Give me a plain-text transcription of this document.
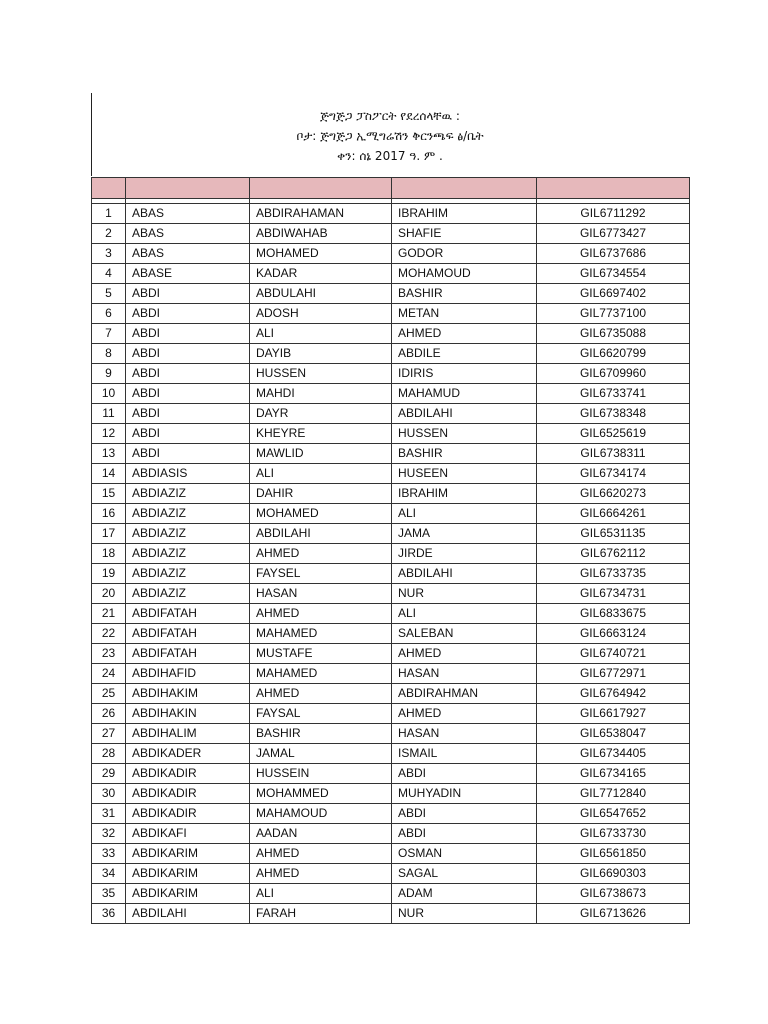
ጅግጅጋ ፓስፖርት የደረሰላቸዉ :
ቦታ: ጅግጅጋ ኢሚግሬሽን ቅርንጫፍ ፅ/ቤት
ቀን: ሰኔ 2017 ዓ. ም .

1	ABAS	ABDIRAHAMAN	IBRAHIM	GIL6711292
2	ABAS	ABDIWAHAB	SHAFIE	GIL6773427
3	ABAS	MOHAMED	GODOR	GIL6737686
4	ABASE	KADAR	MOHAMOUD	GIL6734554
5	ABDI	ABDULAHI	BASHIR	GIL6697402
6	ABDI	ADOSH	METAN	GIL7737100
7	ABDI	ALI	AHMED	GIL6735088
8	ABDI	DAYIB	ABDILE	GIL6620799
9	ABDI	HUSSEN	IDIRIS	GIL6709960
10	ABDI	MAHDI	MAHAMUD	GIL6733741
11	ABDI	DAYR	ABDILAHI	GIL6738348
12	ABDI	KHEYRE	HUSSEN	GIL6525619
13	ABDI	MAWLID	BASHIR	GIL6738311
14	ABDIASIS	ALI	HUSEEN	GIL6734174
15	ABDIAZIZ	DAHIR	IBRAHIM	GIL6620273
16	ABDIAZIZ	MOHAMED	ALI	GIL6664261
17	ABDIAZIZ	ABDILAHI	JAMA	GIL6531135
18	ABDIAZIZ	AHMED	JIRDE	GIL6762112
19	ABDIAZIZ	FAYSEL	ABDILAHI	GIL6733735
20	ABDIAZIZ	HASAN	NUR	GIL6734731
21	ABDIFATAH	AHMED	ALI	GIL6833675
22	ABDIFATAH	MAHAMED	SALEBAN	GIL6663124
23	ABDIFATAH	MUSTAFE	AHMED	GIL6740721
24	ABDIHAFID	MAHAMED	HASAN	GIL6772971
25	ABDIHAKIM	AHMED	ABDIRAHMAN	GIL6764942
26	ABDIHAKIN	FAYSAL	AHMED	GIL6617927
27	ABDIHALIM	BASHIR	HASAN	GIL6538047
28	ABDIKADER	JAMAL	ISMAIL	GIL6734405
29	ABDIKADIR	HUSSEIN	ABDI	GIL6734165
30	ABDIKADIR	MOHAMMED	MUHYADIN	GIL7712840
31	ABDIKADIR	MAHAMOUD	ABDI	GIL6547652
32	ABDIKAFI	AADAN	ABDI	GIL6733730
33	ABDIKARIM	AHMED	OSMAN	GIL6561850
34	ABDIKARIM	AHMED	SAGAL	GIL6690303
35	ABDIKARIM	ALI	ADAM	GIL6738673
36	ABDILAHI	FARAH	NUR	GIL6713626
